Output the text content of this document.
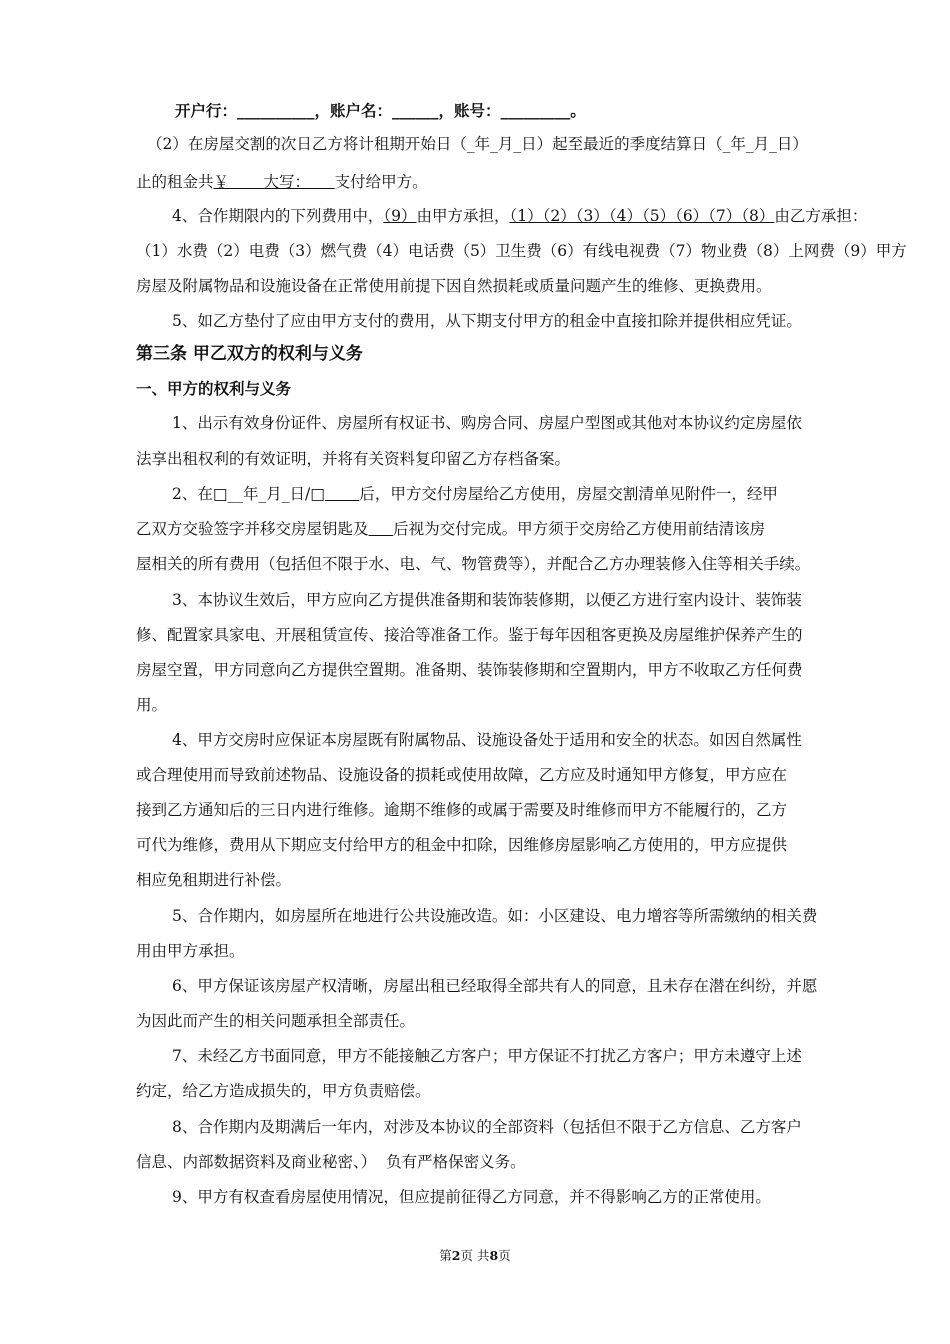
开户行：__________，账户名：______，账号：_________。
（2）在房屋交割的次日乙方将计租期开始日（_年_月_日）起至最近的季度结算日（_年_月_日）
止的租金共￥       大写：     支付给甲方。
4、合作期限内的下列费用中，（9）由甲方承担，（1）（2）（3）（4）（5）（6）（7）（8）由乙方承担：
（1）水费（2）电费（3）燃气费（4）电话费（5）卫生费（6）有线电视费（7）物业费（8）上网费（9）甲方
房屋及附属物品和设施设备在正常使用前提下因自然损耗或质量问题产生的维修、更换费用。
5、如乙方垫付了应由甲方支付的费用，从下期支付甲方的租金中直接扣除并提供相应凭证。
第三条 甲乙双方的权利与义务
一、甲方的权利与义务
1、出示有效身份证件、房屋所有权证书、购房合同、房屋户型图或其他对本协议约定房屋依
法享出租权利的有效证明，并将有关资料复印留乙方存档备案。
2、在□__年_月_日/□ 后，甲方交付房屋给乙方使用，房屋交割清单见附件一，经甲
乙双方交验签字并移交房屋钥匙及 后视为交付完成。甲方须于交房给乙方使用前结清该房
屋相关的所有费用（包括但不限于水、电、气、物管费等），并配合乙方办理装修入住等相关手续。
3、本协议生效后，甲方应向乙方提供准备期和装饰装修期，以便乙方进行室内设计、装饰装
修、配置家具家电、开展租赁宣传、接洽等准备工作。鉴于每年因租客更换及房屋维护保养产生的
房屋空置，甲方同意向乙方提供空置期。准备期、装饰装修期和空置期内，甲方不收取乙方任何费
用。
4、甲方交房时应保证本房屋既有附属物品、设施设备处于适用和安全的状态。如因自然属性
或合理使用而导致前述物品、设施设备的损耗或使用故障，乙方应及时通知甲方修复，甲方应在
接到乙方通知后的三日内进行维修。逾期不维修的或属于需要及时维修而甲方不能履行的，乙方
可代为维修，费用从下期应支付给甲方的租金中扣除，因维修房屋影响乙方使用的，甲方应提供
相应免租期进行补偿。
5、合作期内，如房屋所在地进行公共设施改造。如：小区建设、电力增容等所需缴纳的相关费
用由甲方承担。
6、甲方保证该房屋产权清晰，房屋出租已经取得全部共有人的同意，且未存在潜在纠纷，并愿
为因此而产生的相关问题承担全部责任。
7、未经乙方书面同意，甲方不能接触乙方客户；甲方保证不打扰乙方客户；甲方未遵守上述
约定，给乙方造成损失的，甲方负责赔偿。
8、合作期内及期满后一年内，对涉及本协议的全部资料（包括但不限于乙方信息、乙方客户
信息、内部数据资料及商业秘密、）  负有严格保密义务。
9、甲方有权查看房屋使用情况，但应提前征得乙方同意，并不得影响乙方的正常使用。
第2页 共8页
